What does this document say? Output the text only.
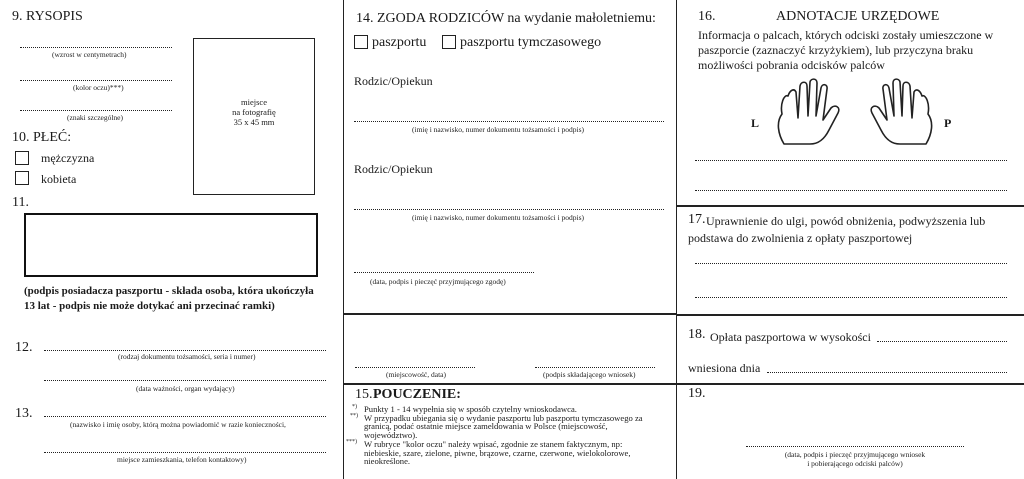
9. RYSOPIS
(wzrost w centymetrach)
(kolor oczu)***)
(znaki szczególne)
miejsce
na fotografię
35 x 45 mm
10. PŁEĆ:
mężczyzna
kobieta
11.
(podpis posiadacza paszportu - składa osoba, która ukończyła
13 lat - podpis nie może dotykać ani przecinać ramki)
12.
(rodzaj dokumentu tożsamości, seria i numer)
(data ważności, organ wydający)
13.
(nazwisko i imię osoby, którą można powiadomić w razie konieczności,
miejsce zamieszkania, telefon kontaktowy)
14. ZGODA RODZICÓW na wydanie małoletniemu:
paszportu paszportu tymczasowego
Rodzic/Opiekun
(imię i nazwisko, numer dokumentu tożsamości i podpis)
Rodzic/Opiekun
(imię i nazwisko, numer dokumentu tożsamości i podpis)
(data, podpis i pieczęć przyjmującego zgodę)
(miejscowość, data)	(podpis składającego wniosek)
15. POUCZENIE:
*) Punkty 1 - 14 wypełnia się w sposób czytelny wnioskodawca.
**) W przypadku ubiegania się o wydanie paszportu lub paszportu tymczasowego za
granicą, podać ostatnie miejsce zameldowania w Polsce (miejscowość,
województwo).
***) W rubryce "kolor oczu" należy wpisać, zgodnie ze stanem faktycznym, np:
niebieskie, szare, zielone, piwne, brązowe, czarne, czerwone, wielokolorowe,
nieokreślone.
16.	ADNOTACJE URZĘDOWE
Informacja o palcach, których odciski zostały umieszczone w
paszporcie (zaznaczyć krzyżykiem), lub przyczyna braku
możliwości pobrania odcisków palców
L	P
17. Uprawnienie do ulgi, powód obniżenia, podwyższenia lub
podstawa do zwolnienia z opłaty paszportowej
18. Opłata paszportowa w wysokości
wniesiona dnia
19.
(data, podpis i pieczęć przyjmującego wniosek
i pobierającego odciski palców)
